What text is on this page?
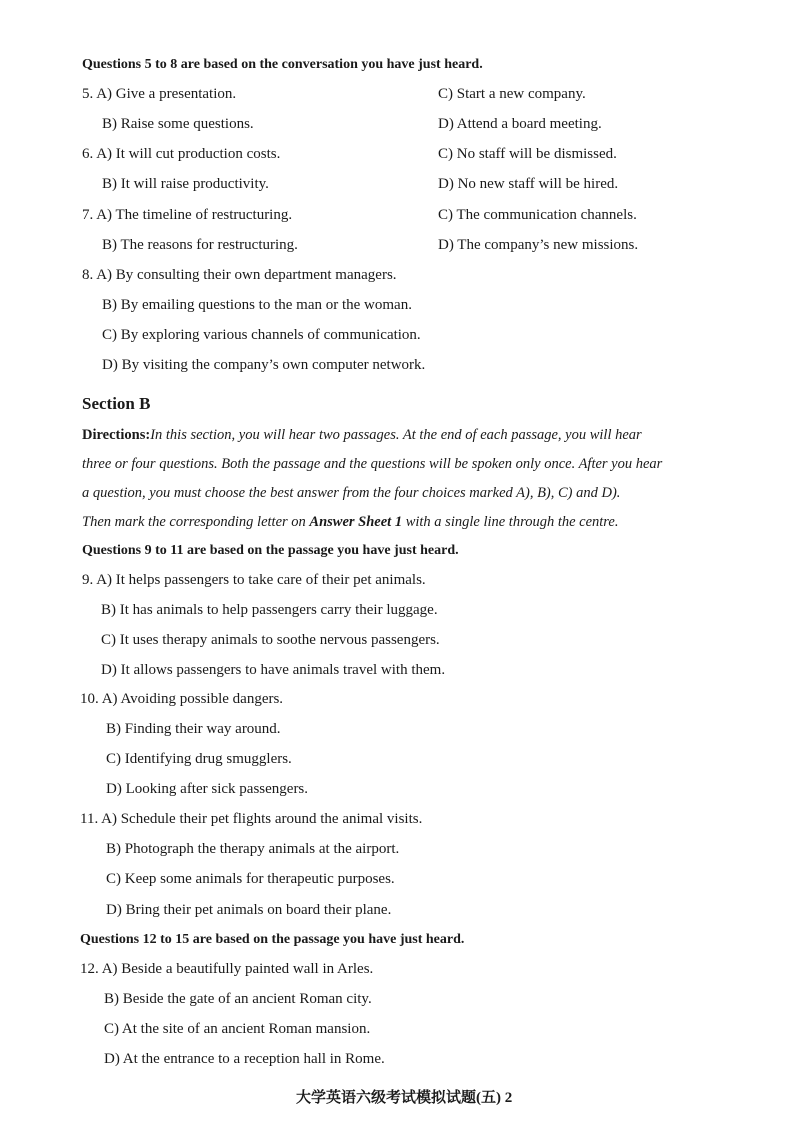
Questions 5 to 8 are based on the conversation you have just heard.
5. A) Give a presentation.	C) Start a new company.
B) Raise some questions.	D) Attend a board meeting.
6. A) It will cut production costs.	C) No staff will be dismissed.
B) It will raise productivity.	D) No new staff will be hired.
7. A) The timeline of restructuring.	C) The communication channels.
B) The reasons for restructuring.	D) The company’s new missions.
8. A) By consulting their own department managers.
B) By emailing questions to the man or the woman.
C) By exploring various channels of communication.
D) By visiting the company’s own computer network.
Section B
Directions:In this section, you will hear two passages. At the end of each passage, you will hear
three or four questions. Both the passage and the questions will be spoken only once. After you hear
a question, you must choose the best answer from the four choices marked A), B), C) and D).
Then mark the corresponding letter on Answer Sheet 1 with a single line through the centre.
Questions 9 to 11 are based on the passage you have just heard.
9. A) It helps passengers to take care of their pet animals.
B) It has animals to help passengers carry their luggage.
C) It uses therapy animals to soothe nervous passengers.
D) It allows passengers to have animals travel with them.
10. A) Avoiding possible dangers.
B) Finding their way around.
C) Identifying drug smugglers.
D) Looking after sick passengers.
11. A) Schedule their pet flights around the animal visits.
B) Photograph the therapy animals at the airport.
C) Keep some animals for therapeutic purposes.
D) Bring their pet animals on board their plane.
Questions 12 to 15 are based on the passage you have just heard.
12. A) Beside a beautifully painted wall in Arles.
B) Beside the gate of an ancient Roman city.
C) At the site of an ancient Roman mansion.
D) At the entrance to a reception hall in Rome.
大学英语六级考试模拟试题(五) 2
